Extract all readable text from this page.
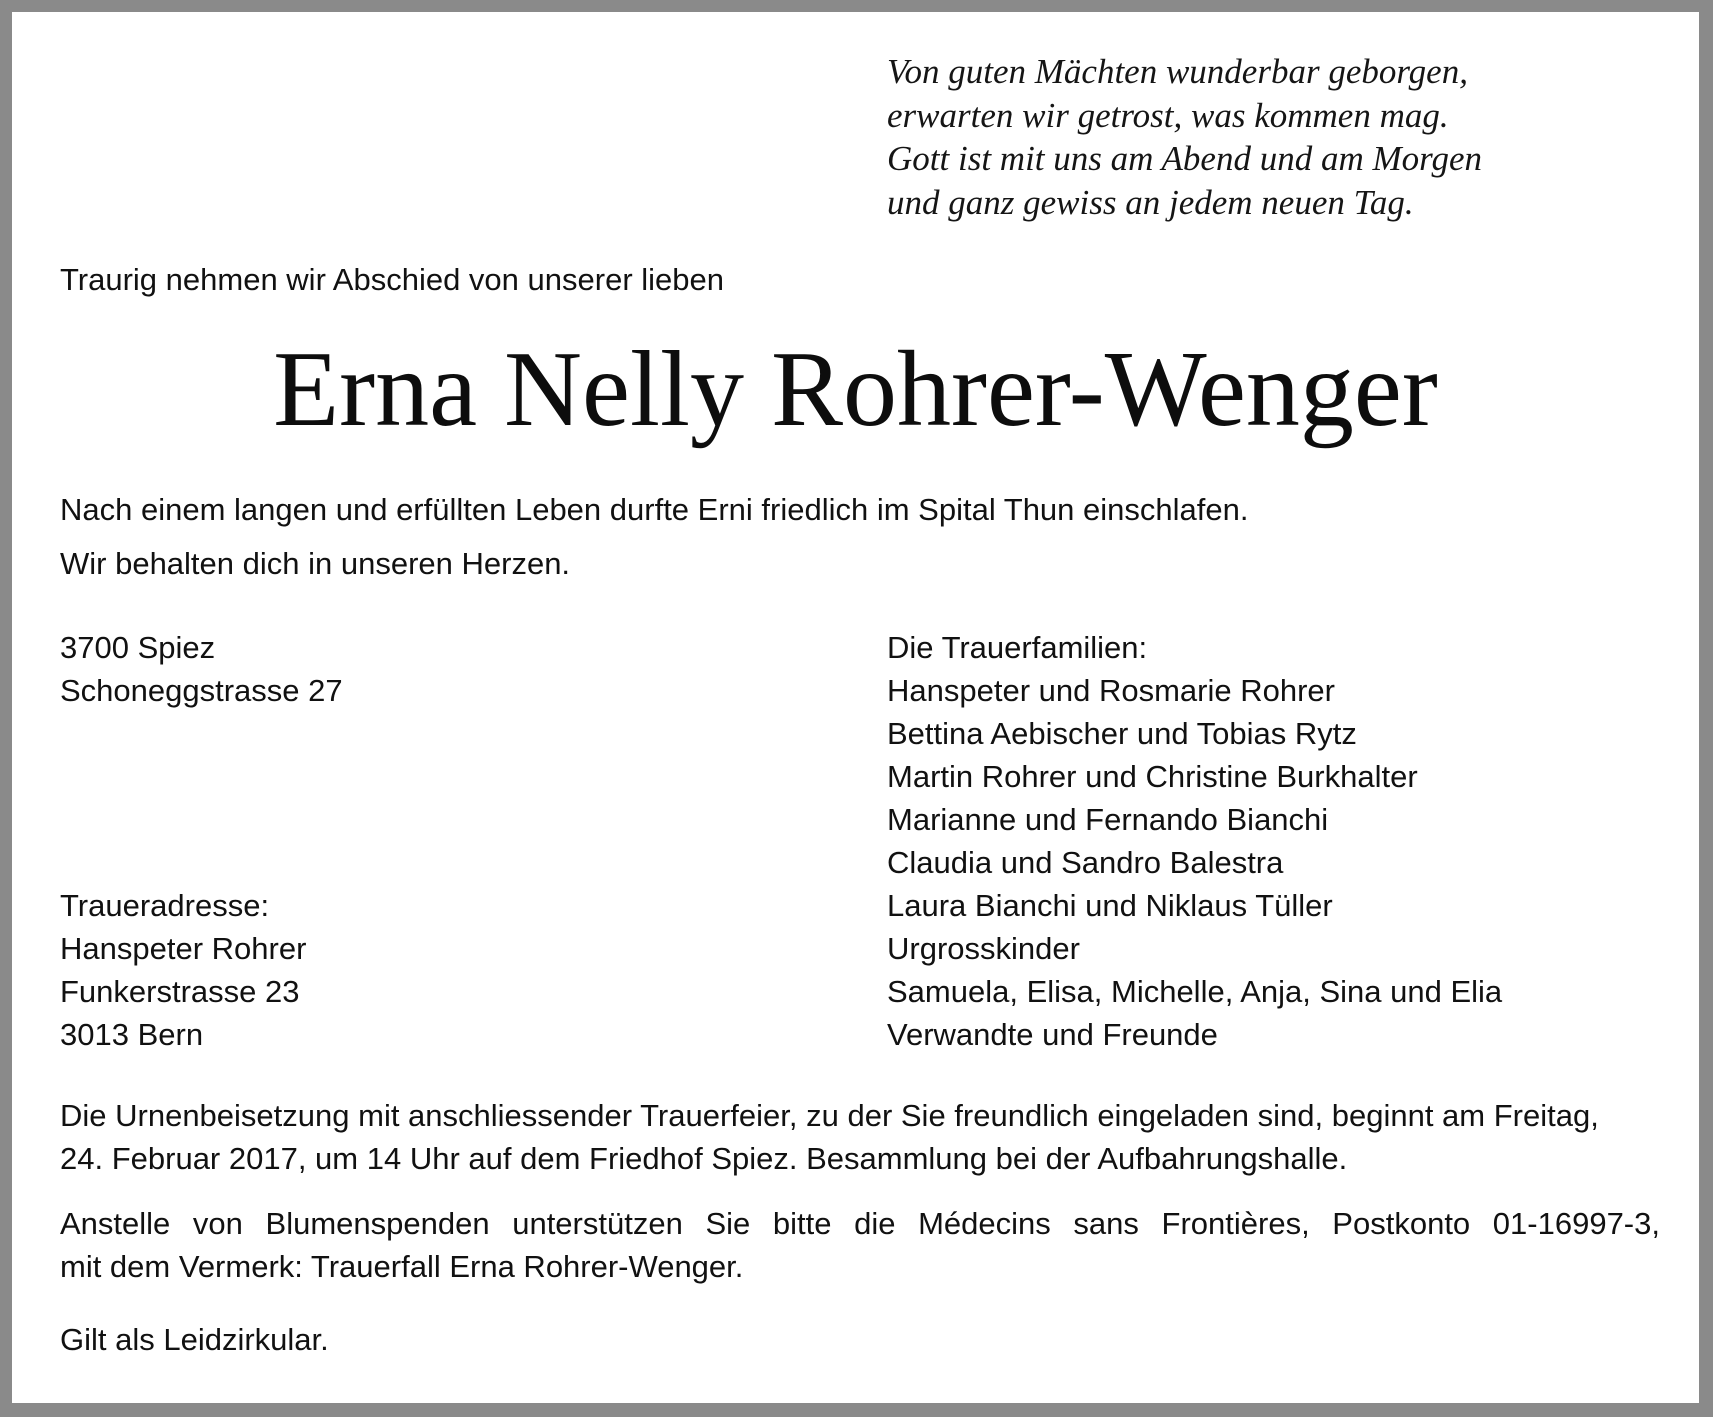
Von guten Mächten wunderbar geborgen,
erwarten wir getrost, was kommen mag.
Gott ist mit uns am Abend und am Morgen
und ganz gewiss an jedem neuen Tag.
Traurig nehmen wir Abschied von unserer lieben
Erna Nelly Rohrer-Wenger
Nach einem langen und erfüllten Leben durfte Erni friedlich im Spital Thun einschlafen.
Wir behalten dich in unseren Herzen.
3700 Spiez
Schoneggstrasse 27
Traueradresse:
Hanspeter Rohrer
Funkerstrasse 23
3013 Bern
Die Trauerfamilien:
Hanspeter und Rosmarie Rohrer
Bettina Aebischer und Tobias Rytz
Martin Rohrer und Christine Burkhalter
Marianne und Fernando Bianchi
Claudia und Sandro Balestra
Laura Bianchi und Niklaus Tüller
Urgrosskinder
Samuela, Elisa, Michelle, Anja, Sina und Elia
Verwandte und Freunde
Die Urnenbeisetzung mit anschliessender Trauerfeier, zu der Sie freundlich eingeladen sind, beginnt am Freitag,
24. Februar 2017, um 14 Uhr auf dem Friedhof Spiez. Besammlung bei der Aufbahrungshalle.
Anstelle von Blumenspenden unterstützen Sie bitte die Médecins sans Frontières, Postkonto 01-16997-3,
mit dem Vermerk: Trauerfall Erna Rohrer-Wenger.
Gilt als Leidzirkular.
